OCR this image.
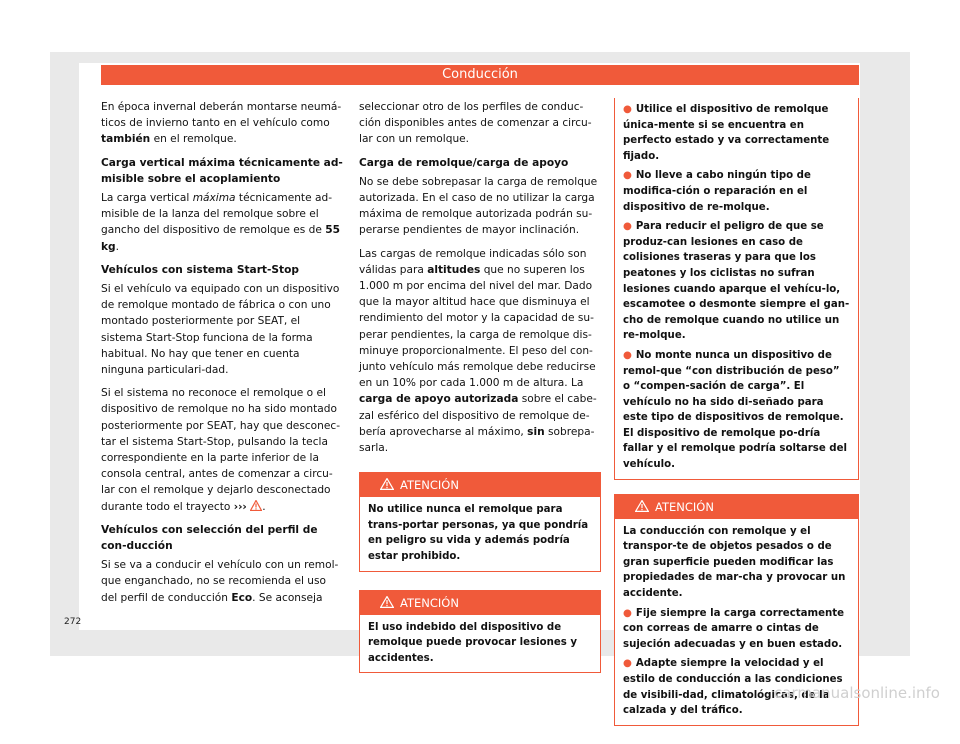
Conducción

En época invernal deberán montarse neumá-ticos de invierno tanto en el vehículo como también en el remolque.

Carga vertical máxima técnicamente ad-misible sobre el acoplamiento

La carga vertical máxima técnicamente ad-misible de la lanza del remolque sobre el gancho del dispositivo de remolque es de 55 kg.

Vehículos con sistema Start-Stop

Si el vehículo va equipado con un dispositivo de remolque montado de fábrica o con uno montado posteriormente por SEAT, el sistema Start-Stop funciona de la forma habitual. No hay que tener en cuenta ninguna particulari-dad.

Si el sistema no reconoce el remolque o el dispositivo de remolque no ha sido montado posteriormente por SEAT, hay que desconec-tar el sistema Start-Stop, pulsando la tecla correspondiente en la parte inferior de la consola central, antes de comenzar a circu-lar con el remolque y dejarlo desconectado durante todo el trayecto ››› .

Vehículos con selección del perfil de con-ducción

Si se va a conducir el vehículo con un remol-que enganchado, no se recomienda el uso del perfil de conducción Eco. Se aconseja

seleccionar otro de los perfiles de conduc-ción disponibles antes de comenzar a circu-lar con un remolque.

Carga de remolque/carga de apoyo

No se debe sobrepasar la carga de remolque autorizada. En el caso de no utilizar la carga máxima de remolque autorizada podrán su-perarse pendientes de mayor inclinación.

Las cargas de remolque indicadas sólo son válidas para altitudes que no superen los 1.000 m por encima del nivel del mar. Dado que la mayor altitud hace que disminuya el rendimiento del motor y la capacidad de su-perar pendientes, la carga de remolque dis-minuye proporcionalmente. El peso del con-junto vehículo más remolque debe reducirse en un 10% por cada 1.000 m de altura. La carga de apoyo autorizada sobre el cabe-zal esférico del dispositivo de remolque de-bería aprovecharse al máximo, sin sobrepa-sarla.

ATENCIÓN

No utilice nunca el remolque para trans-portar personas, ya que pondría en peligro su vida y además podría estar prohibido.

ATENCIÓN

El uso indebido del dispositivo de remolque puede provocar lesiones y accidentes.

● Utilice el dispositivo de remolque única-mente si se encuentra en perfecto estado y va correctamente fijado.

● No lleve a cabo ningún tipo de modifica-ción o reparación en el dispositivo de re-molque.

● Para reducir el peligro de que se produz-can lesiones en caso de colisiones traseras y para que los peatones y los ciclistas no sufran lesiones cuando aparque el vehícu-lo, escamotee o desmonte siempre el gan-cho de remolque cuando no utilice un re-molque.

● No monte nunca un dispositivo de remol-que “con distribución de peso” o “compen-sación de carga”. El vehículo no ha sido di-señado para este tipo de dispositivos de remolque. El dispositivo de remolque po-dría fallar y el remolque podría soltarse del vehículo.

ATENCIÓN

La conducción con remolque y el transpor-te de objetos pesados o de gran superficie pueden modificar las propiedades de mar-cha y provocar un accidente.

● Fije siempre la carga correctamente con correas de amarre o cintas de sujeción adecuadas y en buen estado.

● Adapte siempre la velocidad y el estilo de conducción a las condiciones de visibili-dad, climatológicas, de la calzada y del tráfico.

272
carmanualsonline.info
